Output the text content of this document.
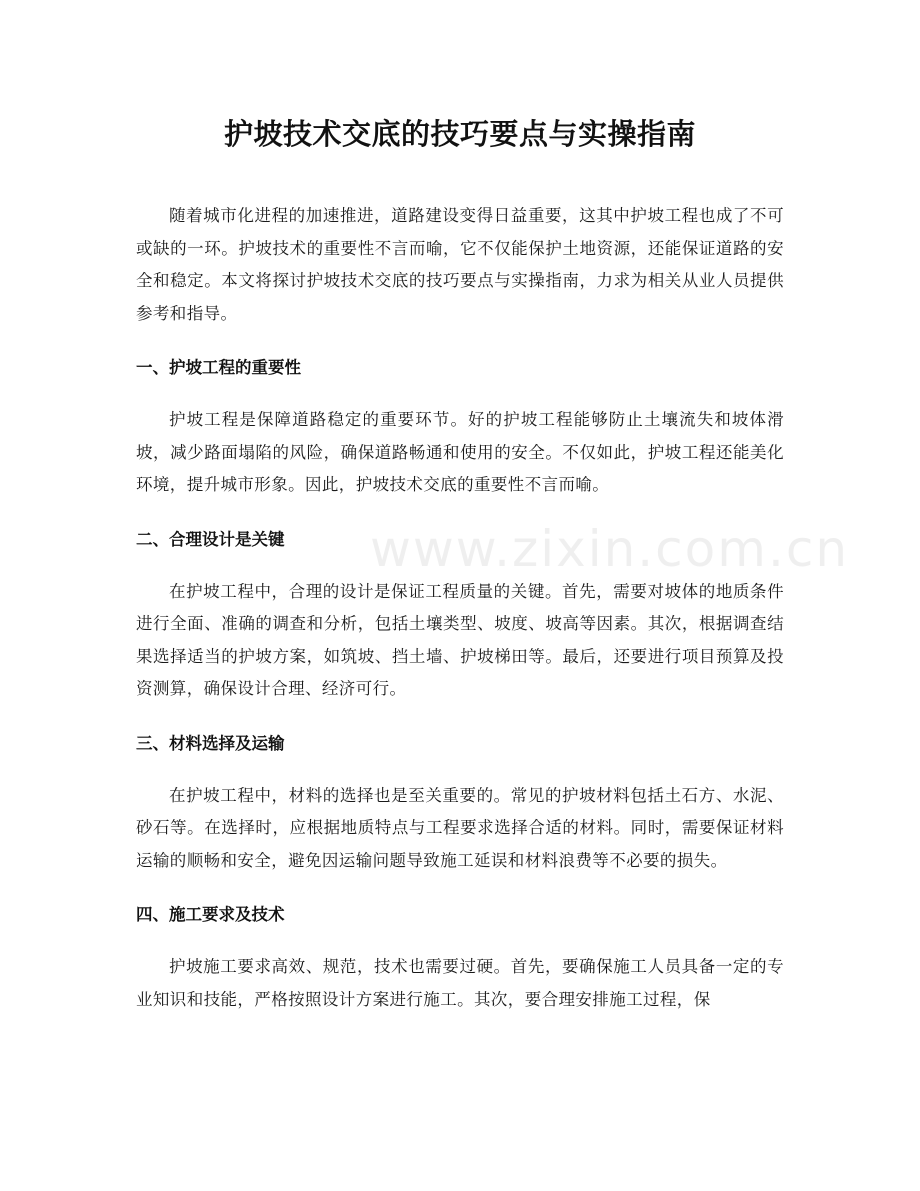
护坡技术交底的技巧要点与实操指南

随着城市化进程的加速推进，道路建设变得日益重要，这其中护坡工程也成了不可或缺的一环。护坡技术的重要性不言而喻，它不仅能保护土地资源，还能保证道路的安全和稳定。本文将探讨护坡技术交底的技巧要点与实操指南，力求为相关从业人员提供参考和指导。

一、护坡工程的重要性

护坡工程是保障道路稳定的重要环节。好的护坡工程能够防止土壤流失和坡体滑坡，减少路面塌陷的风险，确保道路畅通和使用的安全。不仅如此，护坡工程还能美化环境，提升城市形象。因此，护坡技术交底的重要性不言而喻。

二、合理设计是关键

在护坡工程中，合理的设计是保证工程质量的关键。首先，需要对坡体的地质条件进行全面、准确的调查和分析，包括土壤类型、坡度、坡高等因素。其次，根据调查结果选择适当的护坡方案，如筑坡、挡土墙、护坡梯田等。最后，还要进行项目预算及投资测算，确保设计合理、经济可行。

三、材料选择及运输

在护坡工程中，材料的选择也是至关重要的。常见的护坡材料包括土石方、水泥、砂石等。在选择时，应根据地质特点与工程要求选择合适的材料。同时，需要保证材料运输的顺畅和安全，避免因运输问题导致施工延误和材料浪费等不必要的损失。

四、施工要求及技术

护坡施工要求高效、规范，技术也需要过硬。首先，要确保施工人员具备一定的专业知识和技能，严格按照设计方案进行施工。其次，要合理安排施工过程，保

www.zixin.com.cn
